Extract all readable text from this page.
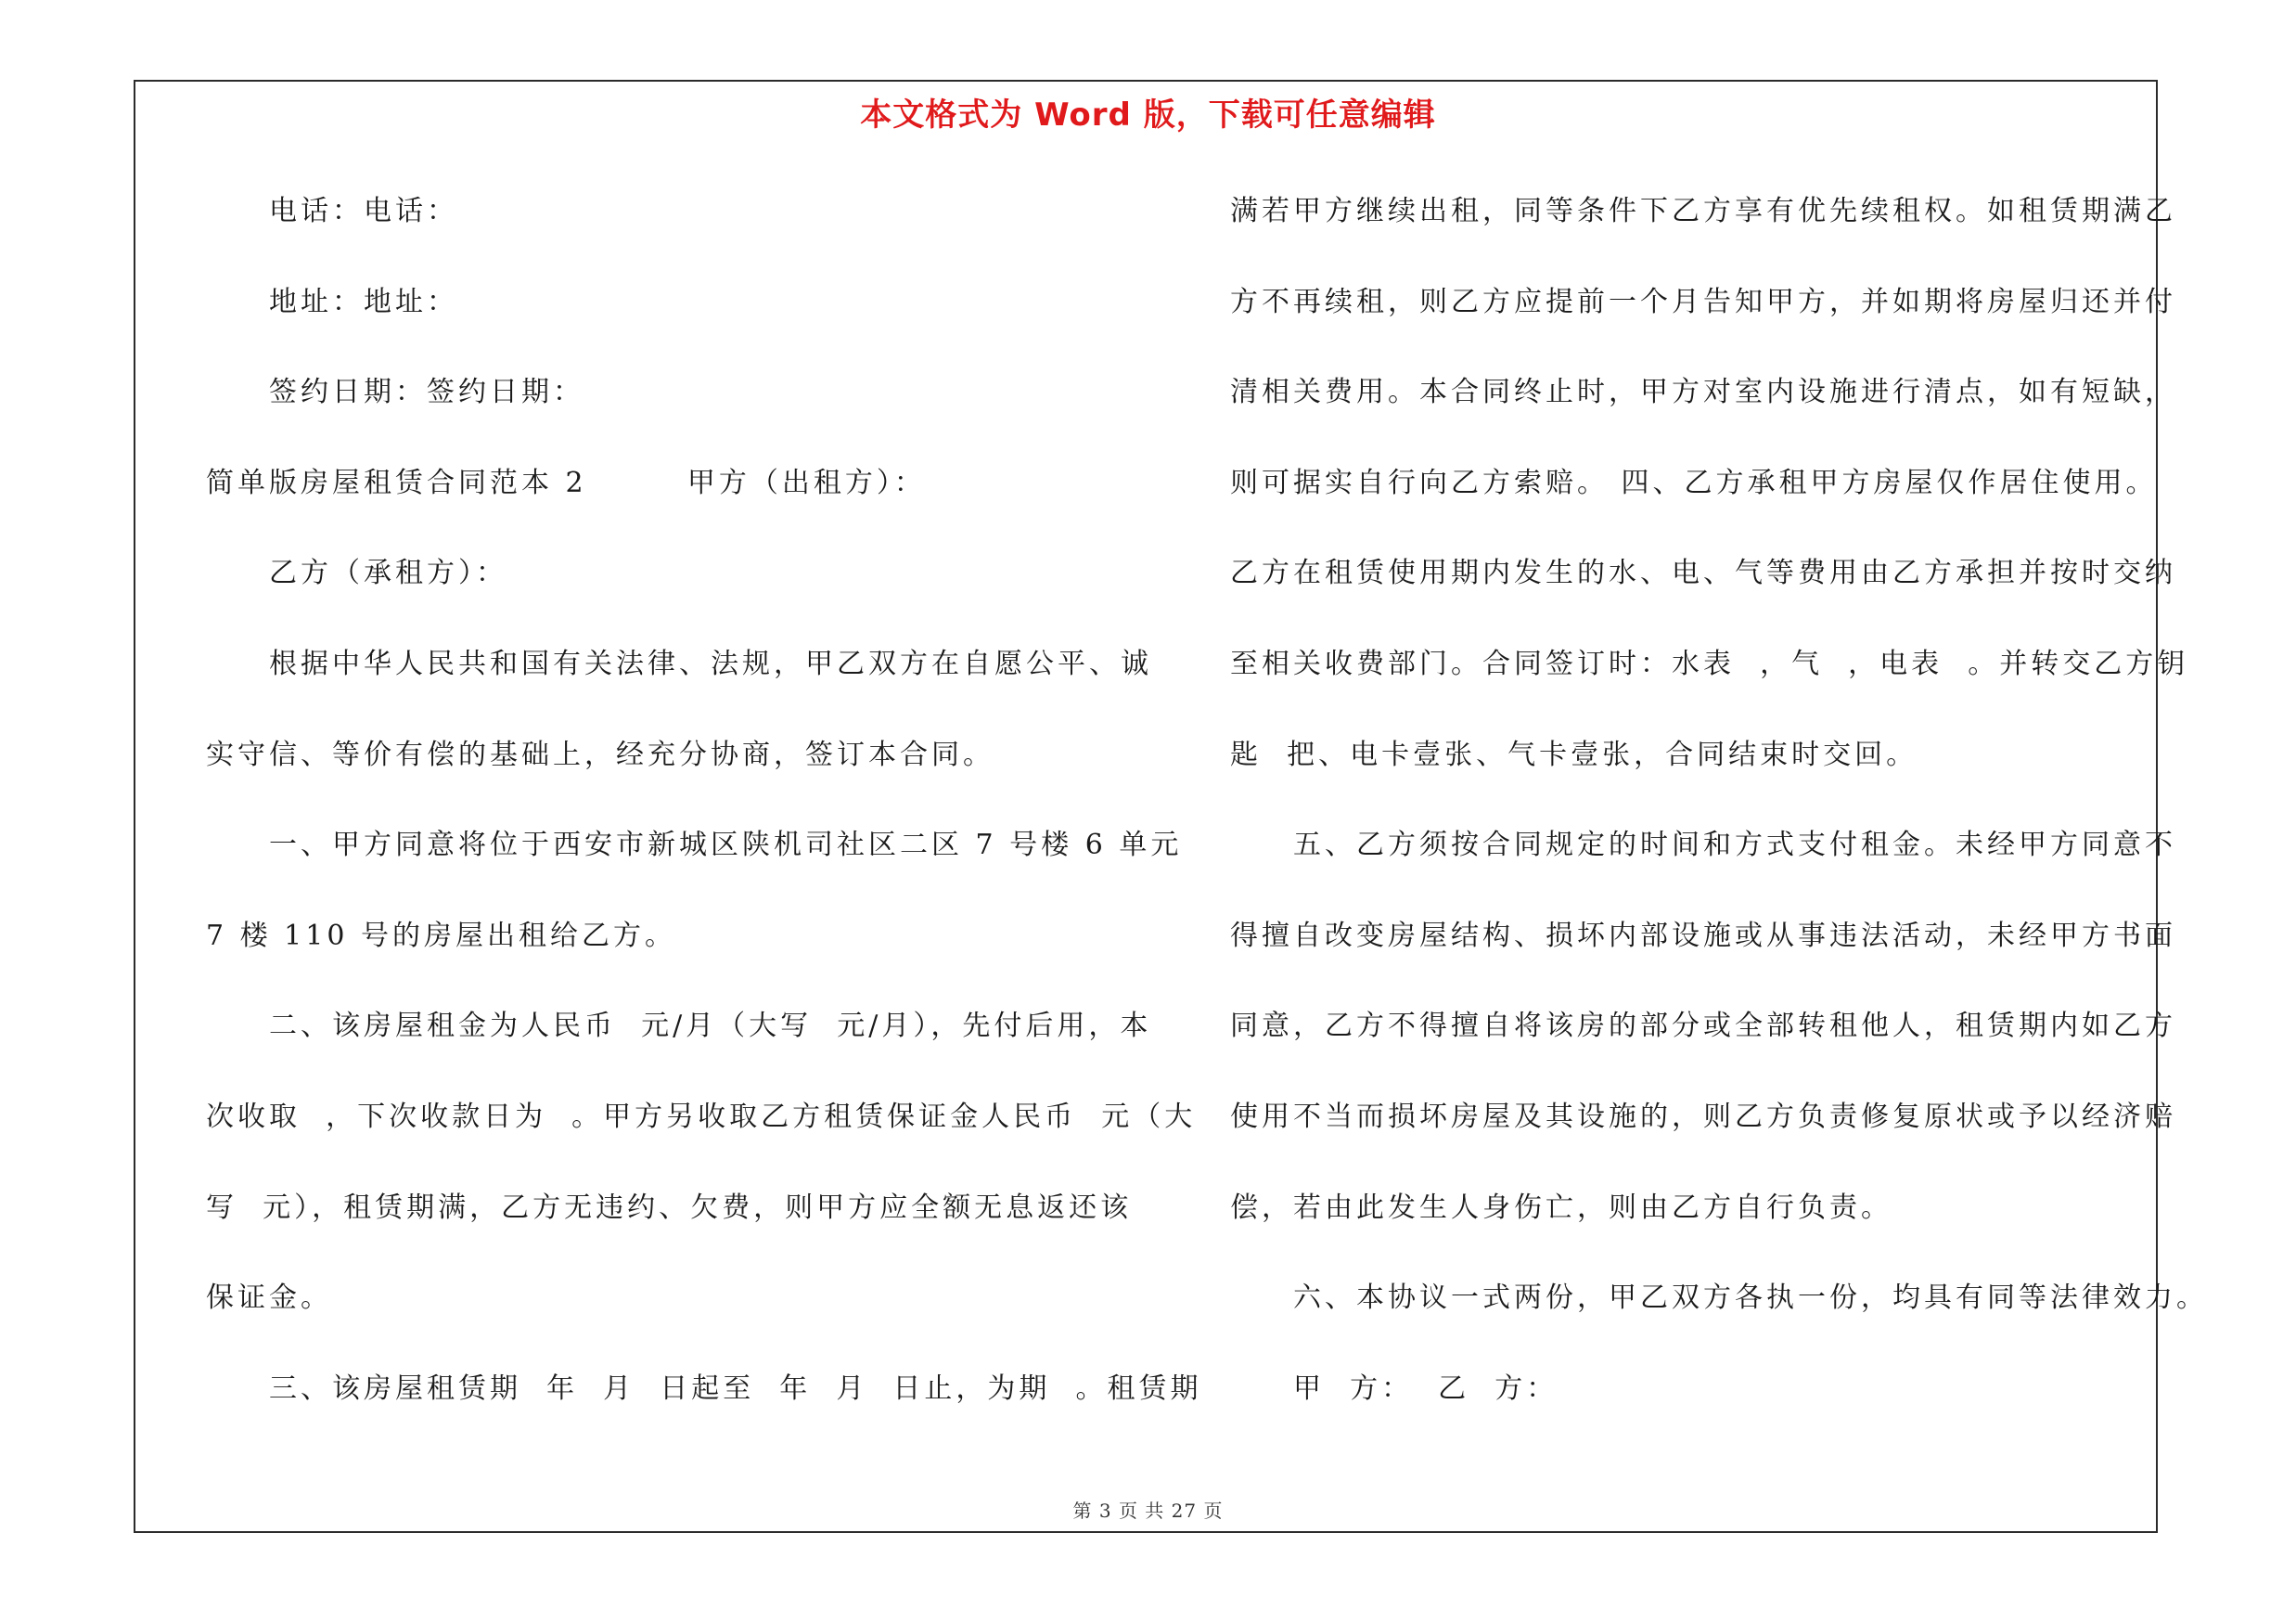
本文格式为 Word 版，下载可任意编辑
电话：电话：
地址：地址：
签约日期：签约日期：
简单版房屋租赁合同范本 2        甲方（出租方）：
乙方（承租方）：
根据中华人民共和国有关法律、法规，甲乙双方在自愿公平、诚
实守信、等价有偿的基础上，经充分协商，签订本合同。
一、甲方同意将位于西安市新城区陕机司社区二区 7 号楼 6 单元
7 楼 110 号的房屋出租给乙方。
二、该房屋租金为人民币  元/月（大写  元/月），先付后用，本
次收取  ，下次收款日为  。甲方另收取乙方租赁保证金人民币  元（大
写  元），租赁期满，乙方无违约、欠费，则甲方应全额无息返还该
保证金。
三、该房屋租赁期  年  月  日起至  年  月  日止，为期  。租赁期
满若甲方继续出租，同等条件下乙方享有优先续租权。如租赁期满乙
方不再续租，则乙方应提前一个月告知甲方，并如期将房屋归还并付
清相关费用。本合同终止时，甲方对室内设施进行清点，如有短缺，
则可据实自行向乙方索赔。 四、乙方承租甲方房屋仅作居住使用。
乙方在租赁使用期内发生的水、电、气等费用由乙方承担并按时交纳
至相关收费部门。合同签订时：水表  ，气  ，电表  。并转交乙方钥
匙  把、电卡壹张、气卡壹张，合同结束时交回。
五、乙方须按合同规定的时间和方式支付租金。未经甲方同意不
得擅自改变房屋结构、损坏内部设施或从事违法活动，未经甲方书面
同意，乙方不得擅自将该房的部分或全部转租他人，租赁期内如乙方
使用不当而损坏房屋及其设施的，则乙方负责修复原状或予以经济赔
偿，若由此发生人身伤亡，则由乙方自行负责。
六、本协议一式两份，甲乙双方各执一份，均具有同等法律效力。
甲  方：  乙  方：
第 3 页 共 27 页
